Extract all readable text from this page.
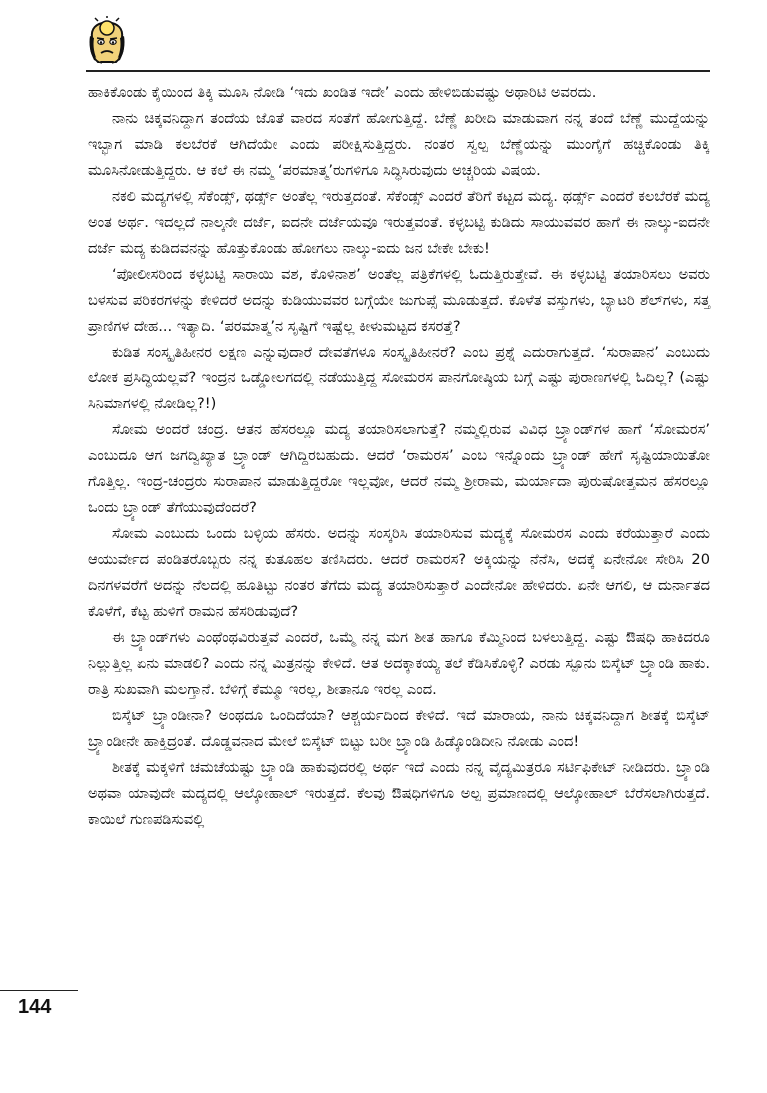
ಹಾಕಿಕೊಂಡು ಕೈಯಿಂದ ತಿಕ್ಕಿ ಮೂಸಿ ನೋಡಿ ‘ಇದು ಖಂಡಿತ ಇದೇ’ ಎಂದು ಹೇಳಿಬಿಡುವಷ್ಟು ಅಥಾರಿಟಿ ಅವರದು.

ನಾನು ಚಿಕ್ಕವನಿದ್ದಾಗ ತಂದೆಯ ಜೊತೆ ವಾರದ ಸಂತೆಗೆ ಹೋಗುತ್ತಿದ್ದೆ. ಬೆಣ್ಣೆ ಖರೀದಿ ಮಾಡುವಾಗ ನನ್ನ ತಂದೆ ಬೆಣ್ಣೆ ಮುದ್ದೆಯನ್ನು ಇಬ್ಭಾಗ ಮಾಡಿ ಕಲಬೆರಕೆ ಆಗಿದೆಯೇ ಎಂದು ಪರೀಕ್ಷಿಸುತ್ತಿದ್ದರು. ನಂತರ ಸ್ವಲ್ಪ ಬೆಣ್ಣೆಯನ್ನು ಮುಂಗೈಗೆ ಹಚ್ಚಿಕೊಂಡು ತಿಕ್ಕಿ ಮೂಸಿನೋಡುತ್ತಿದ್ದರು. ಆ ಕಲೆ ಈ ನಮ್ಮ ‘ಪರಮಾತ್ಮ’ರುಗಳಿಗೂ ಸಿದ್ಧಿಸಿರುವುದು ಅಚ್ಚರಿಯ ವಿಷಯ.

ನಕಲಿ ಮದ್ಯಗಳಲ್ಲಿ ಸೆಕೆಂಡ್ಸ್, ಥರ್ಡ್ಸ್ ಅಂತೆಲ್ಲ ಇರುತ್ತದಂತೆ. ಸೆಕೆಂಡ್ಸ್ ಎಂದರೆ ತೆರಿಗೆ ಕಟ್ಟದ ಮದ್ಯ. ಥರ್ಡ್ಸ್ ಎಂದರೆ ಕಲಬೆರಕೆ ಮದ್ಯ ಅಂತ ಅರ್ಥ. ಇದಲ್ಲದೆ ನಾಲ್ಕನೇ ದರ್ಜೆ, ಐದನೇ ದರ್ಜೆಯವೂ ಇರುತ್ತವಂತೆ. ಕಳ್ಳಬಟ್ಟಿ ಕುಡಿದು ಸಾಯುವವರ ಹಾಗೆ ಈ ನಾಲ್ಕು-ಐದನೇ ದರ್ಜೆ ಮದ್ಯ ಕುಡಿದವನನ್ನು ಹೊತ್ತುಕೊಂಡು ಹೋಗಲು ನಾಲ್ಕು-ಐದು ಜನ ಬೇಕೇ ಬೇಕು!

‘ಪೋಲೀಸರಿಂದ ಕಳ್ಳಬಟ್ಟಿ ಸಾರಾಯಿ ವಶ, ಕೊಳಿನಾಶ’ ಅಂತೆಲ್ಲ ಪತ್ರಿಕೆಗಳಲ್ಲಿ ಓದುತ್ತಿರುತ್ತೇವೆ. ಈ ಕಳ್ಳಬಟ್ಟಿ ತಯಾರಿಸಲು ಅವರು ಬಳಸುವ ಪರಿಕರಗಳನ್ನು ಕೇಳಿದರೆ ಅದನ್ನು ಕುಡಿಯುವವರ ಬಗ್ಗೆಯೇ ಜುಗುಪ್ಸೆ ಮೂಡುತ್ತದೆ. ಕೊಳೆತ ವಸ್ತುಗಳು, ಬ್ಯಾಟರಿ ಶೆಲ್‌ಗಳು, ಸತ್ತ ಪ್ರಾಣಿಗಳ ದೇಹ... ಇತ್ಯಾದಿ. ‘ಪರಮಾತ್ಮ’ನ ಸೃಷ್ಟಿಗೆ ಇಷ್ಟೆಲ್ಲ ಕೀಳುಮಟ್ಟದ ಕಸರತ್ತೆ?

ಕುಡಿತ ಸಂಸ್ಕೃತಿಹೀನರ ಲಕ್ಷಣ ಎನ್ನುವುದಾರೆ ದೇವತೆಗಳೂ ಸಂಸ್ಕೃತಿಹೀನರೆ? ಎಂಬ ಪ್ರಶ್ನೆ ಎದುರಾಗುತ್ತದೆ. ‘ಸುರಾಪಾನ’ ಎಂಬುದು ಲೋಕ ಪ್ರಸಿದ್ಧಿಯಲ್ಲವೆ? ಇಂದ್ರನ ಒಡ್ಡೋಲಗದಲ್ಲಿ ನಡೆಯುತ್ತಿದ್ದ ಸೋಮರಸ ಪಾನಗೋಷ್ಠಿಯ ಬಗ್ಗೆ ಎಷ್ಟು ಪುರಾಣಗಳಲ್ಲಿ ಓದಿಲ್ಲ? (ಎಷ್ಟು ಸಿನಿಮಾಗಳಲ್ಲಿ ನೋಡಿಲ್ಲ?!)

ಸೋಮ ಅಂದರೆ ಚಂದ್ರ. ಆತನ ಹೆಸರಲ್ಲೂ ಮದ್ಯ ತಯಾರಿಸಲಾಗುತ್ತೆ? ನಮ್ಮಲ್ಲಿರುವ ವಿವಿಧ ಬ್ರ್ಯಾಂಡ್‌ಗಳ ಹಾಗೆ ‘ಸೋಮರಸ’ ಎಂಬುದೂ ಆಗ ಜಗದ್ವಿಖ್ಯಾತ ಬ್ರ್ಯಾಂಡ್ ಆಗಿದ್ದಿರಬಹುದು. ಆದರೆ ‘ರಾಮರಸ’ ಎಂಬ ಇನ್ನೊಂದು ಬ್ರ್ಯಾಂಡ್ ಹೇಗೆ ಸೃಷ್ಟಿಯಾಯಿತೋ ಗೊತ್ತಿಲ್ಲ. ಇಂದ್ರ-ಚಂದ್ರರು ಸುರಾಪಾನ ಮಾಡುತ್ತಿದ್ದರೋ ಇಲ್ಲವೋ, ಆದರೆ ನಮ್ಮ ಶ್ರೀರಾಮ, ಮರ್ಯಾದಾ ಪುರುಷೋತ್ತಮನ ಹೆಸರಲ್ಲೂ ಒಂದು ಬ್ರ್ಯಾಂಡ್ ತೆಗೆಯುವುದೆಂದರೆ?

ಸೋಮ ಎಂಬುದು ಒಂದು ಬಳ್ಳಿಯ ಹೆಸರು. ಅದನ್ನು ಸಂಸ್ಕರಿಸಿ ತಯಾರಿಸುವ ಮದ್ಯಕ್ಕೆ ಸೋಮರಸ ಎಂದು ಕರೆಯುತ್ತಾರೆ ಎಂದು ಆಯುರ್ವೇದ ಪಂಡಿತರೊಬ್ಬರು ನನ್ನ ಕುತೂಹಲ ತಣಿಸಿದರು. ಆದರೆ ರಾಮರಸ? ಅಕ್ಕಿಯನ್ನು ನೆನೆಸಿ, ಅದಕ್ಕೆ ಏನೇನೋ ಸೇರಿಸಿ 20 ದಿನಗಳವರೆಗೆ ಅದನ್ನು ನೆಲದಲ್ಲಿ ಹೂತಿಟ್ಟು ನಂತರ ತೆಗೆದು ಮದ್ಯ ತಯಾರಿಸುತ್ತಾರೆ ಎಂದೇನೋ ಹೇಳಿದರು. ಏನೇ ಆಗಲಿ, ಆ ದುರ್ನಾತದ ಕೊಳೆಗೆ, ಕೆಟ್ಟ ಹುಳಿಗೆ ರಾಮನ ಹೆಸರಿಡುವುದೆ?

ಈ ಬ್ರ್ಯಾಂಡ್‌ಗಳು ಎಂಥೆಂಥವಿರುತ್ತವೆ ಎಂದರೆ, ಒಮ್ಮೆ ನನ್ನ ಮಗ ಶೀತ ಹಾಗೂ ಕೆಮ್ಮಿನಿಂದ ಬಳಲುತ್ತಿದ್ದ. ಎಷ್ಟು ಔಷಧಿ ಹಾಕಿದರೂ ನಿಲ್ಲುತ್ತಿಲ್ಲ ಏನು ಮಾಡಲಿ? ಎಂದು ನನ್ನ ಮಿತ್ರನನ್ನು ಕೇಳಿದೆ. ಆತ ಅದಕ್ಕಾಕಯ್ಯ ತಲೆ ಕೆಡಿಸಿಕೊಳ್ಳಿ? ಎರಡು ಸ್ಪೂನು ಬಿಸ್ಕೆಟ್ ಬ್ರ್ಯಾಂಡಿ ಹಾಕು. ರಾತ್ರಿ ಸುಖವಾಗಿ ಮಲಗ್ತಾನೆ. ಬೆಳಿಗ್ಗೆ ಕೆಮ್ಮೂ ಇರಲ್ಲ, ಶೀತಾನೂ ಇರಲ್ಲ ಎಂದ.

ಬಿಸ್ಕೆಟ್ ಬ್ರ್ಯಾಂಡೀನಾ? ಅಂಥದೂ ಒಂದಿದೆಯಾ? ಆಶ್ಚರ್ಯದಿಂದ ಕೇಳಿದೆ. ಇದೆ ಮಾರಾಯ, ನಾನು ಚಿಕ್ಕವನಿದ್ದಾಗ ಶೀತಕ್ಕೆ ಬಿಸ್ಕೆಟ್ ಬ್ರ್ಯಾಂಡೀನೇ ಹಾಕ್ತಿದ್ರಂತೆ. ದೊಡ್ಡವನಾದ ಮೇಲೆ ಬಿಸ್ಕೆಟ್ ಬಿಟ್ಟು ಬರೀ ಬ್ರ್ಯಾಂಡಿ ಹಿಡ್ಕೊಂಡಿದೀನಿ ನೋಡು ಎಂದ!

ಶೀತಕ್ಕೆ ಮಕ್ಕಳಿಗೆ ಚಮಚೆಯಷ್ಟು ಬ್ರ್ಯಾಂಡಿ ಹಾಕುವುದರಲ್ಲಿ ಅರ್ಥ ಇದೆ ಎಂದು ನನ್ನ ವೈದ್ಯಮಿತ್ರರೂ ಸರ್ಟಿಫಿಕೇಟ್ ನೀಡಿದರು. ಬ್ರ್ಯಾಂಡಿ ಅಥವಾ ಯಾವುದೇ ಮದ್ಯದಲ್ಲಿ ಆಲ್ಕೋಹಾಲ್ ಇರುತ್ತದೆ. ಕೆಲವು ಔಷಧಿಗಳಿಗೂ ಅಲ್ಪ ಪ್ರಮಾಣದಲ್ಲಿ ಆಲ್ಕೋಹಾಲ್ ಬೆರೆಸಲಾಗಿರುತ್ತದೆ. ಕಾಯಿಲೆ ಗುಣಪಡಿಸುವಲ್ಲಿ

144
